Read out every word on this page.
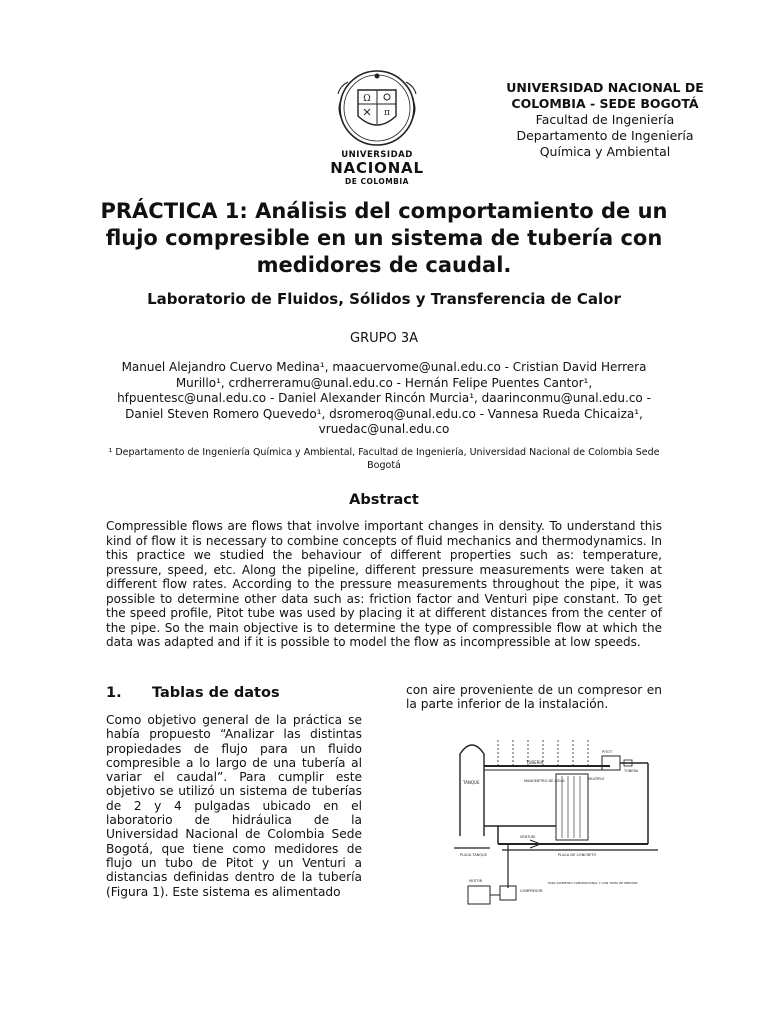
Ω
π
UNIVERSIDAD
NACIONAL
DE COLOMBIA
UNIVERSIDAD NACIONAL DE
COLOMBIA - SEDE BOGOTÁ
Facultad de Ingeniería
Departamento de Ingeniería
Química y Ambiental
PRÁCTICA 1: Análisis del comportamiento de un flujo compresible en un sistema de tubería con medidores de caudal.
Laboratorio de Fluidos, Sólidos y Transferencia de Calor
GRUPO 3A
Manuel Alejandro Cuervo Medina¹, maacuervome@unal.edu.co - Cristian David Herrera Murillo¹, crdherreramu@unal.edu.co - Hernán Felipe Puentes Cantor¹, hfpuentesc@unal.edu.co - Daniel Alexander Rincón Murcia¹, daarinconmu@unal.edu.co - Daniel Steven Romero Quevedo¹, dsromeroq@unal.edu.co - Vannesa Rueda Chicaiza¹, vruedac@unal.edu.co
¹ Departamento de Ingeniería Química y Ambiental, Facultad de Ingeniería, Universidad Nacional de Colombia Sede Bogotá
Abstract
Compressible flows are flows that involve important changes in density. To understand this kind of flow it is necessary to combine concepts of fluid mechanics and thermodynamics. In this practice we studied the behaviour of different properties such as: temperature, pressure, speed, etc. Along the pipeline, different pressure measurements were taken at different flow rates. According to the pressure measurements throughout the pipe, it was possible to determine other data such as: friction factor and Venturi pipe constant. To get the speed profile, Pitot tube was used by placing it at different distances from the center of the pipe. So the main objective is to determine the type of compressible flow at which the data was adapted and if it is possible to model the flow as incompressible at low speeds.
1. Tablas de datos
Como objetivo general de la práctica se había propuesto “Analizar las distintas propiedades de flujo para un fluido compresible a lo largo de una tubería al variar el caudal”. Para cumplir este objetivo se utilizó un sistema de tuberías de 2 y 4 pulgadas ubicado en el laboratorio de hidráulica de la Universidad Nacional de Colombia Sede Bogotá, que tiene como medidores de flujo un tubo de Pitot y un Venturi a distancias definidas dentro de la tubería (Figura 1). Este sistema es alimentado
con aire proveniente de un compresor en la parte inferior de la instalación.
TANQUE
TUBERIA
PITOT
TOBERA
MANOMETRO DE AGUA	MULTIPLE
VENTURI
PLACA TANQUE	PLACA DE CONCRETO
COMPRESOR
MOTOR	PARA DIAMETRO CONVENCIONAL Y CON TOMA DE PRESION
